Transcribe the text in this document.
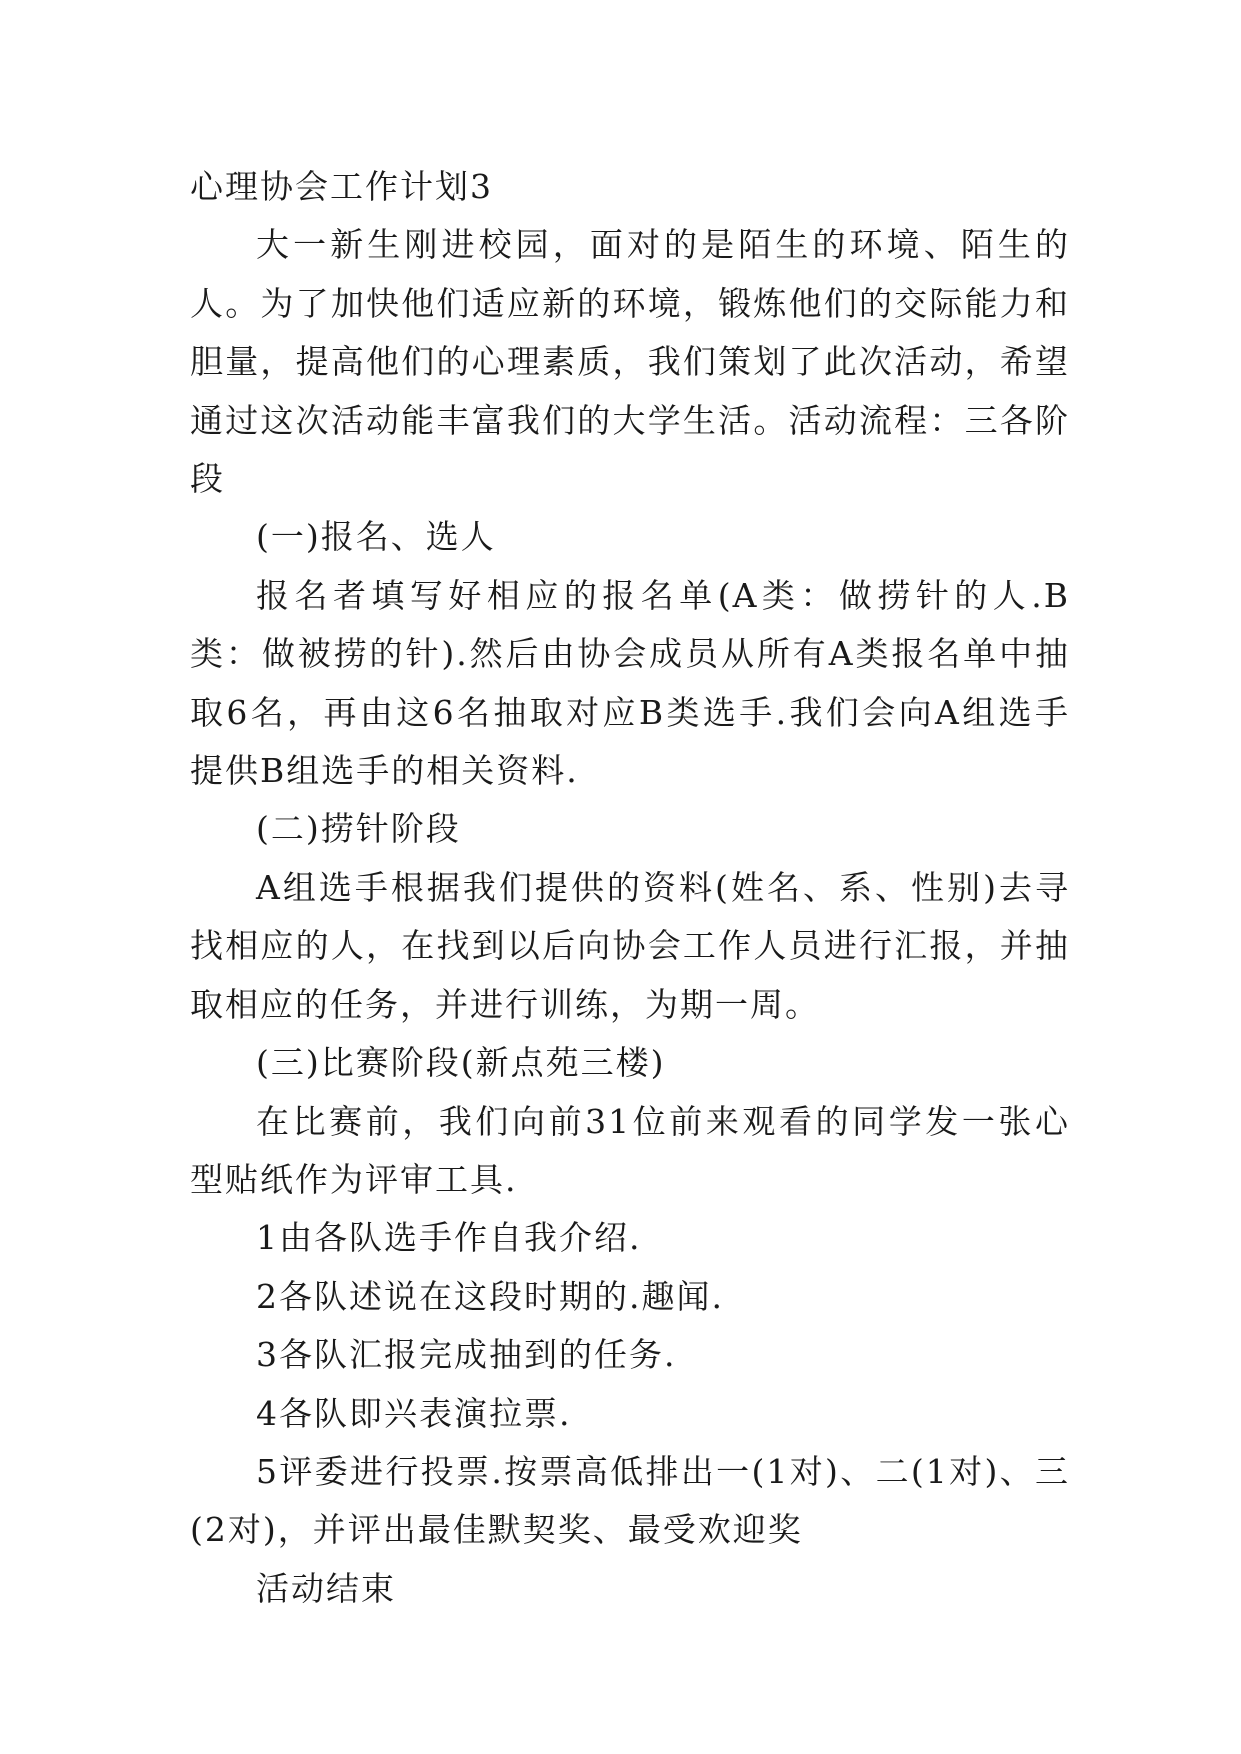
心理协会工作计划3

大一新生刚进校园，面对的是陌生的环境、陌生的人。为了加快他们适应新的环境，锻炼他们的交际能力和胆量，提高他们的心理素质，我们策划了此次活动，希望通过这次活动能丰富我们的大学生活。活动流程：三各阶段

(一)报名、选人

报名者填写好相应的报名单(A类：做捞针的人.B类：做被捞的针).然后由协会成员从所有A类报名单中抽取6名，再由这6名抽取对应B类选手.我们会向A组选手提供B组选手的相关资料.

(二)捞针阶段

A组选手根据我们提供的资料(姓名、系、性别)去寻找相应的人，在找到以后向协会工作人员进行汇报，并抽取相应的任务，并进行训练，为期一周。

(三)比赛阶段(新点苑三楼)

在比赛前，我们向前31位前来观看的同学发一张心型贴纸作为评审工具.

1由各队选手作自我介绍.

2各队述说在这段时期的.趣闻.

3各队汇报完成抽到的任务.

4各队即兴表演拉票.

5评委进行投票.按票高低排出一(1对)、二(1对)、三(2对)，并评出最佳默契奖、最受欢迎奖

活动结束
